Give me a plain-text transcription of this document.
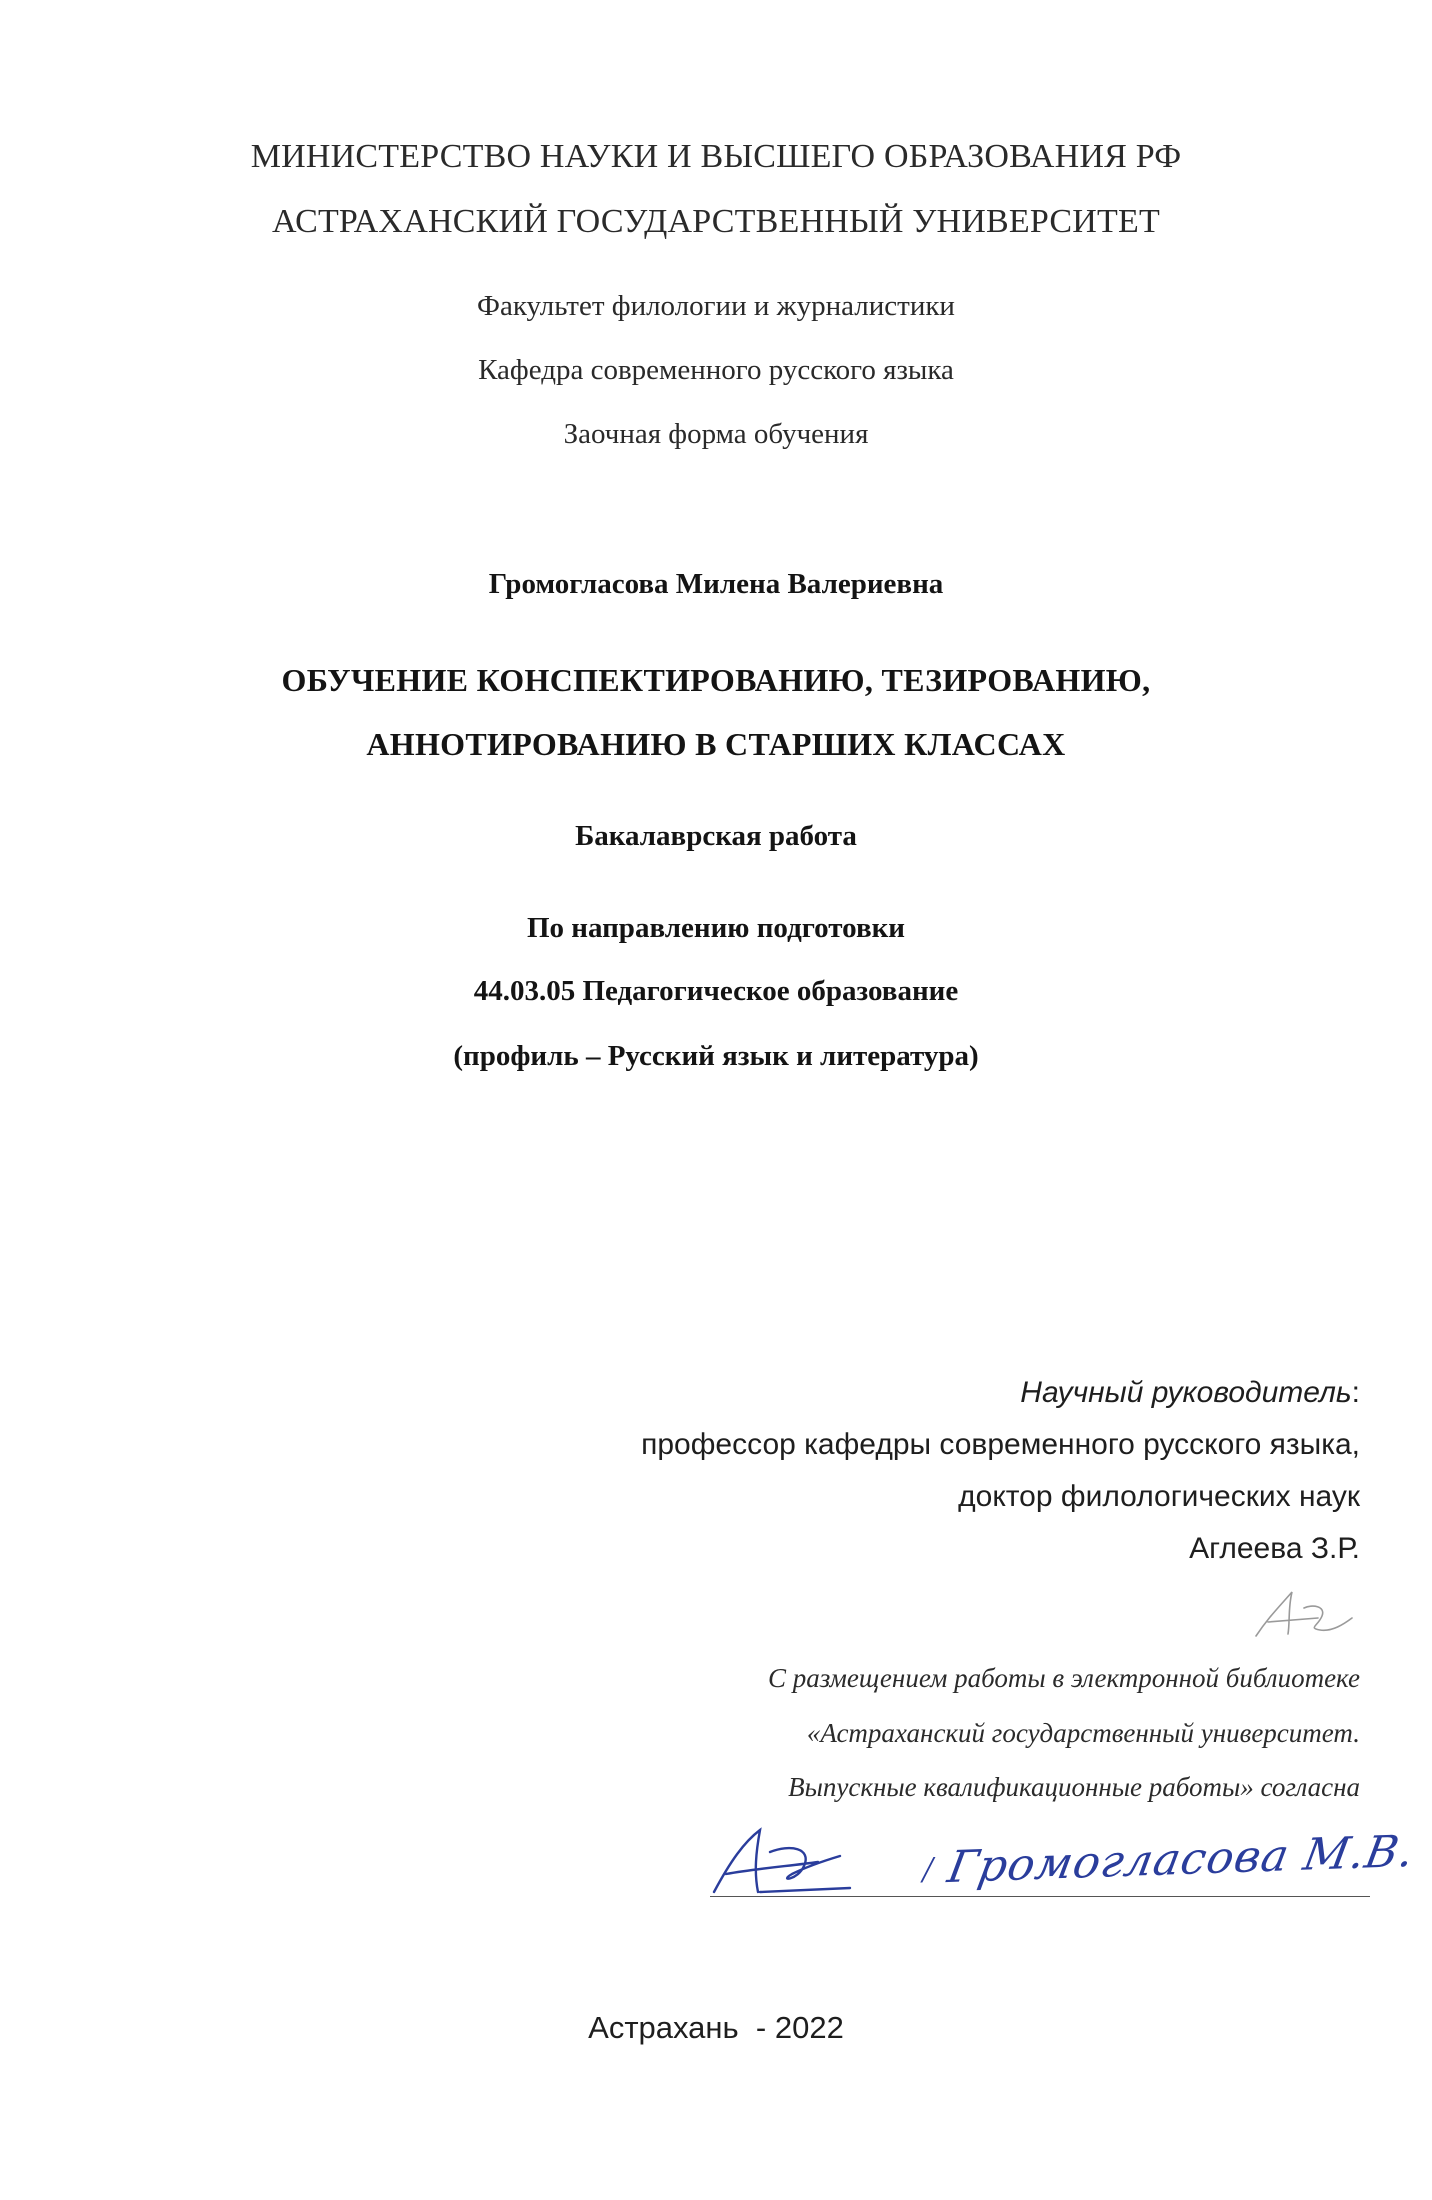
МИНИСТЕРСТВО НАУКИ И ВЫСШЕГО ОБРАЗОВАНИЯ РФ
АСТРАХАНСКИЙ ГОСУДАРСТВЕННЫЙ УНИВЕРСИТЕТ
Факультет филологии и журналистики
Кафедра современного русского языка
Заочная форма обучения
Громогласова Милена Валериевна
ОБУЧЕНИЕ КОНСПЕКТИРОВАНИЮ, ТЕЗИРОВАНИЮ,
АННОТИРОВАНИЮ В СТАРШИХ КЛАССАХ
Бакалаврская работа
По направлению подготовки
44.03.05 Педагогическое образование
(профиль – Русский язык и литература)
Научный руководитель:
профессор кафедры современного русского языка,
доктор филологических наук
Аглеева З.Р.
С размещением работы в электронной библиотеке
«Астраханский государственный университет.
Выпускные квалификационные работы» согласна
/ Громогласова М.В.
Астрахань  - 2022
